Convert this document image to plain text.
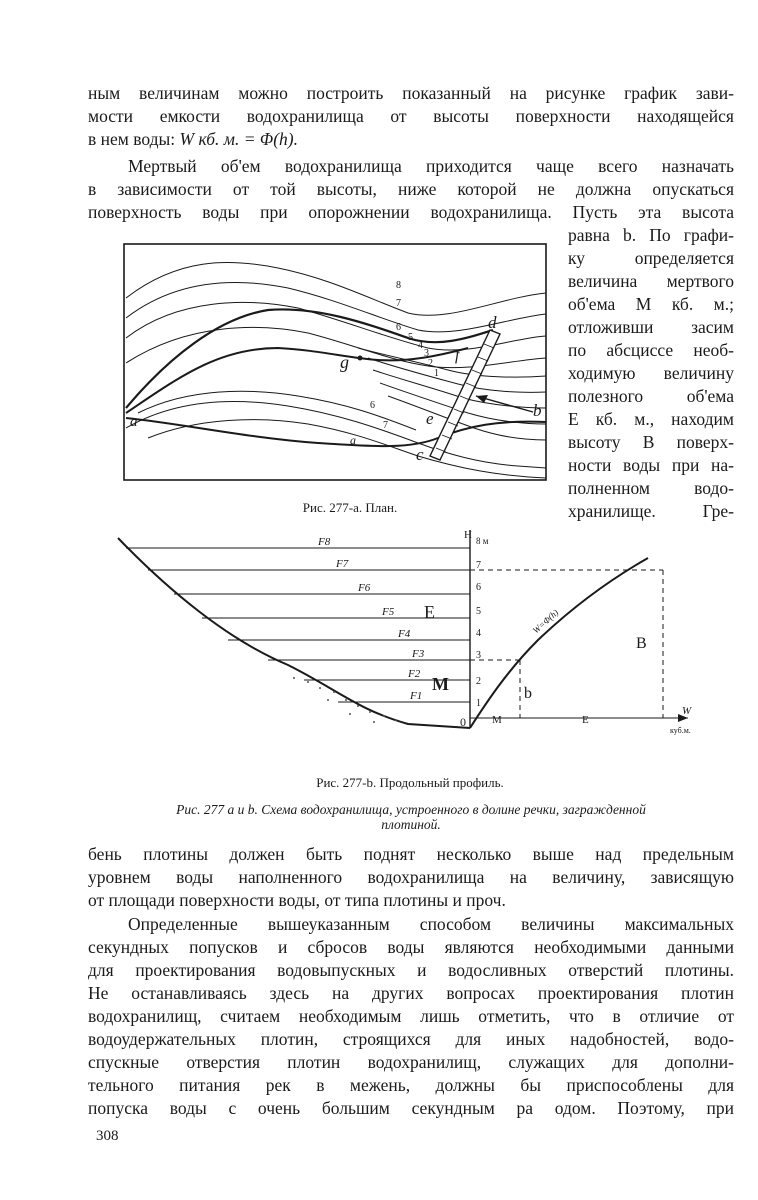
ным величинам можно построить показанный на рисунке график зави-

мости емкости водохранилища от высоты поверхности находящейся

в нем воды: W кб. м. = Φ(h).

Мертвый об'ем водохранилища приходится чаще всего назначать

в зависимости от той высоты, ниже которой не должна опускаться

поверхность воды при опорожнении водохранилища. Пусть эта высота

равна b. По графи-

ку определяется

величина мертвого

об'ема M кб. м.;

отложивши засим

по абсциссе необ-

ходимую величину

полезного об'ема

E кб. м., находим

высоту B поверх-

ности воды при на-

полненном водо-

хранилище. Гре-

a
a
g	f
d
e
c
b
8
7
6
5
4
3
2
1
7
6
Рис. 277-а. План.
F8
F7
F6
F5
F4
F3
F2
F1
E
M
H 8 м
7
6
5
4
3
2
1
0
W=Φ(h)
B
b
M	E
W
куб.м.
Рис. 277-b. Продольный профиль.
Рис. 277 a и b. Схема водохранилища, устроенного в долине речки, загражденной
плотиной.

бень плотины должен быть поднят несколько выше над предельным

уровнем воды наполненного водохранилища на величину, зависящую

от площади поверхности воды, от типа плотины и проч.

Определенные вышеуказанным способом величины максимальных

секундных попусков и сбросов воды являются необходимыми данными

для проектирования водовыпускных и водосливных отверстий плотины.

Не останавливаясь здесь на других вопросах проектирования плотин

водохранилищ, считаем необходимым лишь отметить, что в отличие от

водоудержательных плотин, строящихся для иных надобностей, водо-

спускные отверстия плотин водохранилищ, служащих для дополни-

тельного питания рек в межень, должны бы приспособлены для

попуска воды с очень большим секундным ра одом. Поэтому, при

308
